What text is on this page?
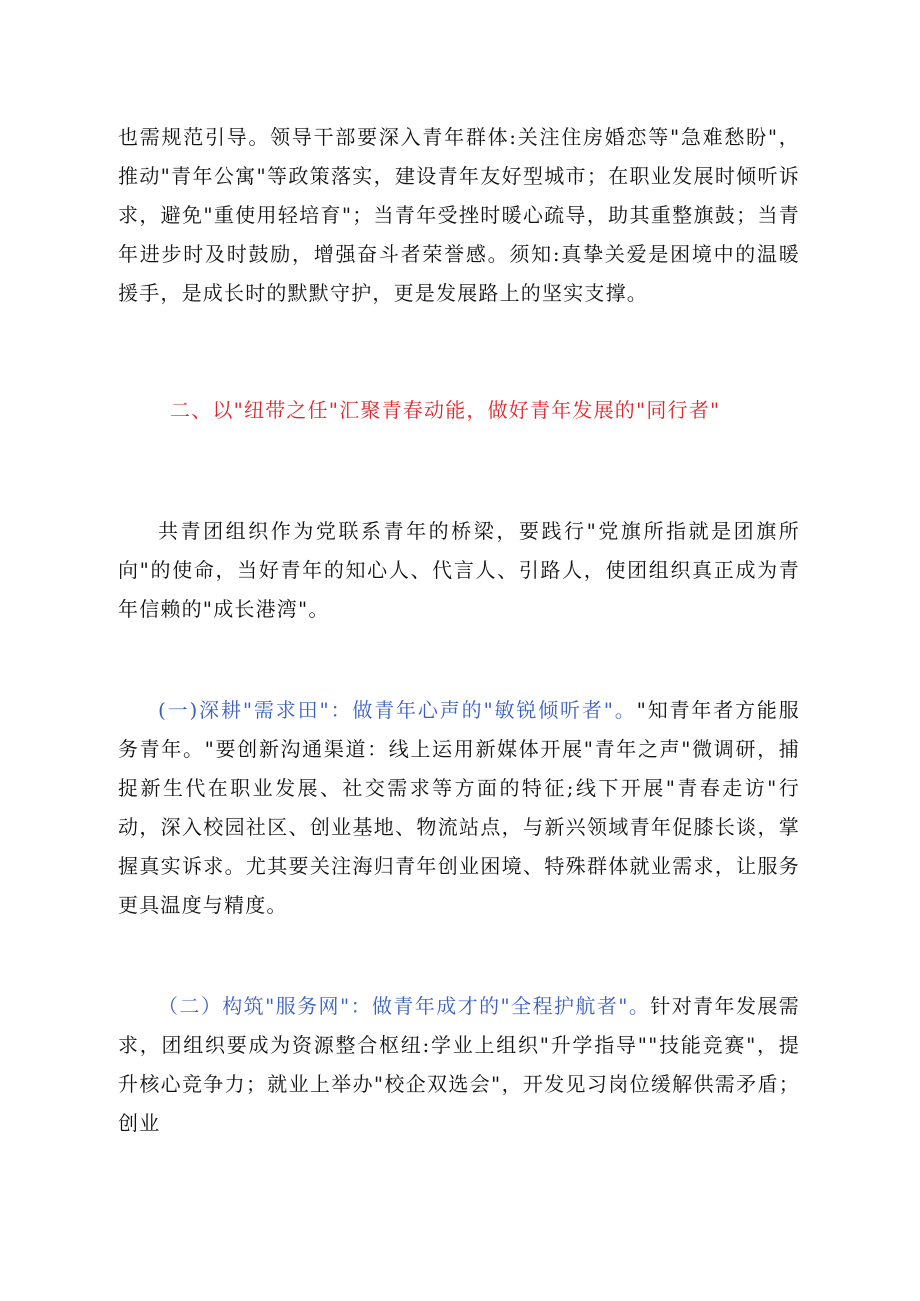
也需规范引导。领导干部要深入青年群体:关注住房婚恋等"急难愁盼"，推动"青年公寓"等政策落实，建设青年友好型城市；在职业发展时倾听诉求，避免"重使用轻培育"；当青年受挫时暖心疏导，助其重整旗鼓；当青年进步时及时鼓励，增强奋斗者荣誉感。须知:真挚关爱是困境中的温暖援手，是成长时的默默守护，更是发展路上的坚实支撑。

二、以"纽带之任"汇聚青春动能，做好青年发展的"同行者"

共青团组织作为党联系青年的桥梁，要践行"党旗所指就是团旗所向"的使命，当好青年的知心人、代言人、引路人，使团组织真正成为青年信赖的"成长港湾"。

(一)深耕"需求田"：做青年心声的"敏锐倾听者"。"知青年者方能服务青年。"要创新沟通渠道：线上运用新媒体开展"青年之声"微调研，捕捉新生代在职业发展、社交需求等方面的特征;线下开展"青春走访"行动，深入校园社区、创业基地、物流站点，与新兴领域青年促膝长谈，掌握真实诉求。尤其要关注海归青年创业困境、特殊群体就业需求，让服务更具温度与精度。

（二）构筑"服务网"：做青年成才的"全程护航者"。针对青年发展需求，团组织要成为资源整合枢纽:学业上组织"升学指导""技能竞赛"，提升核心竞争力；就业上举办"校企双选会"，开发见习岗位缓解供需矛盾；创业
